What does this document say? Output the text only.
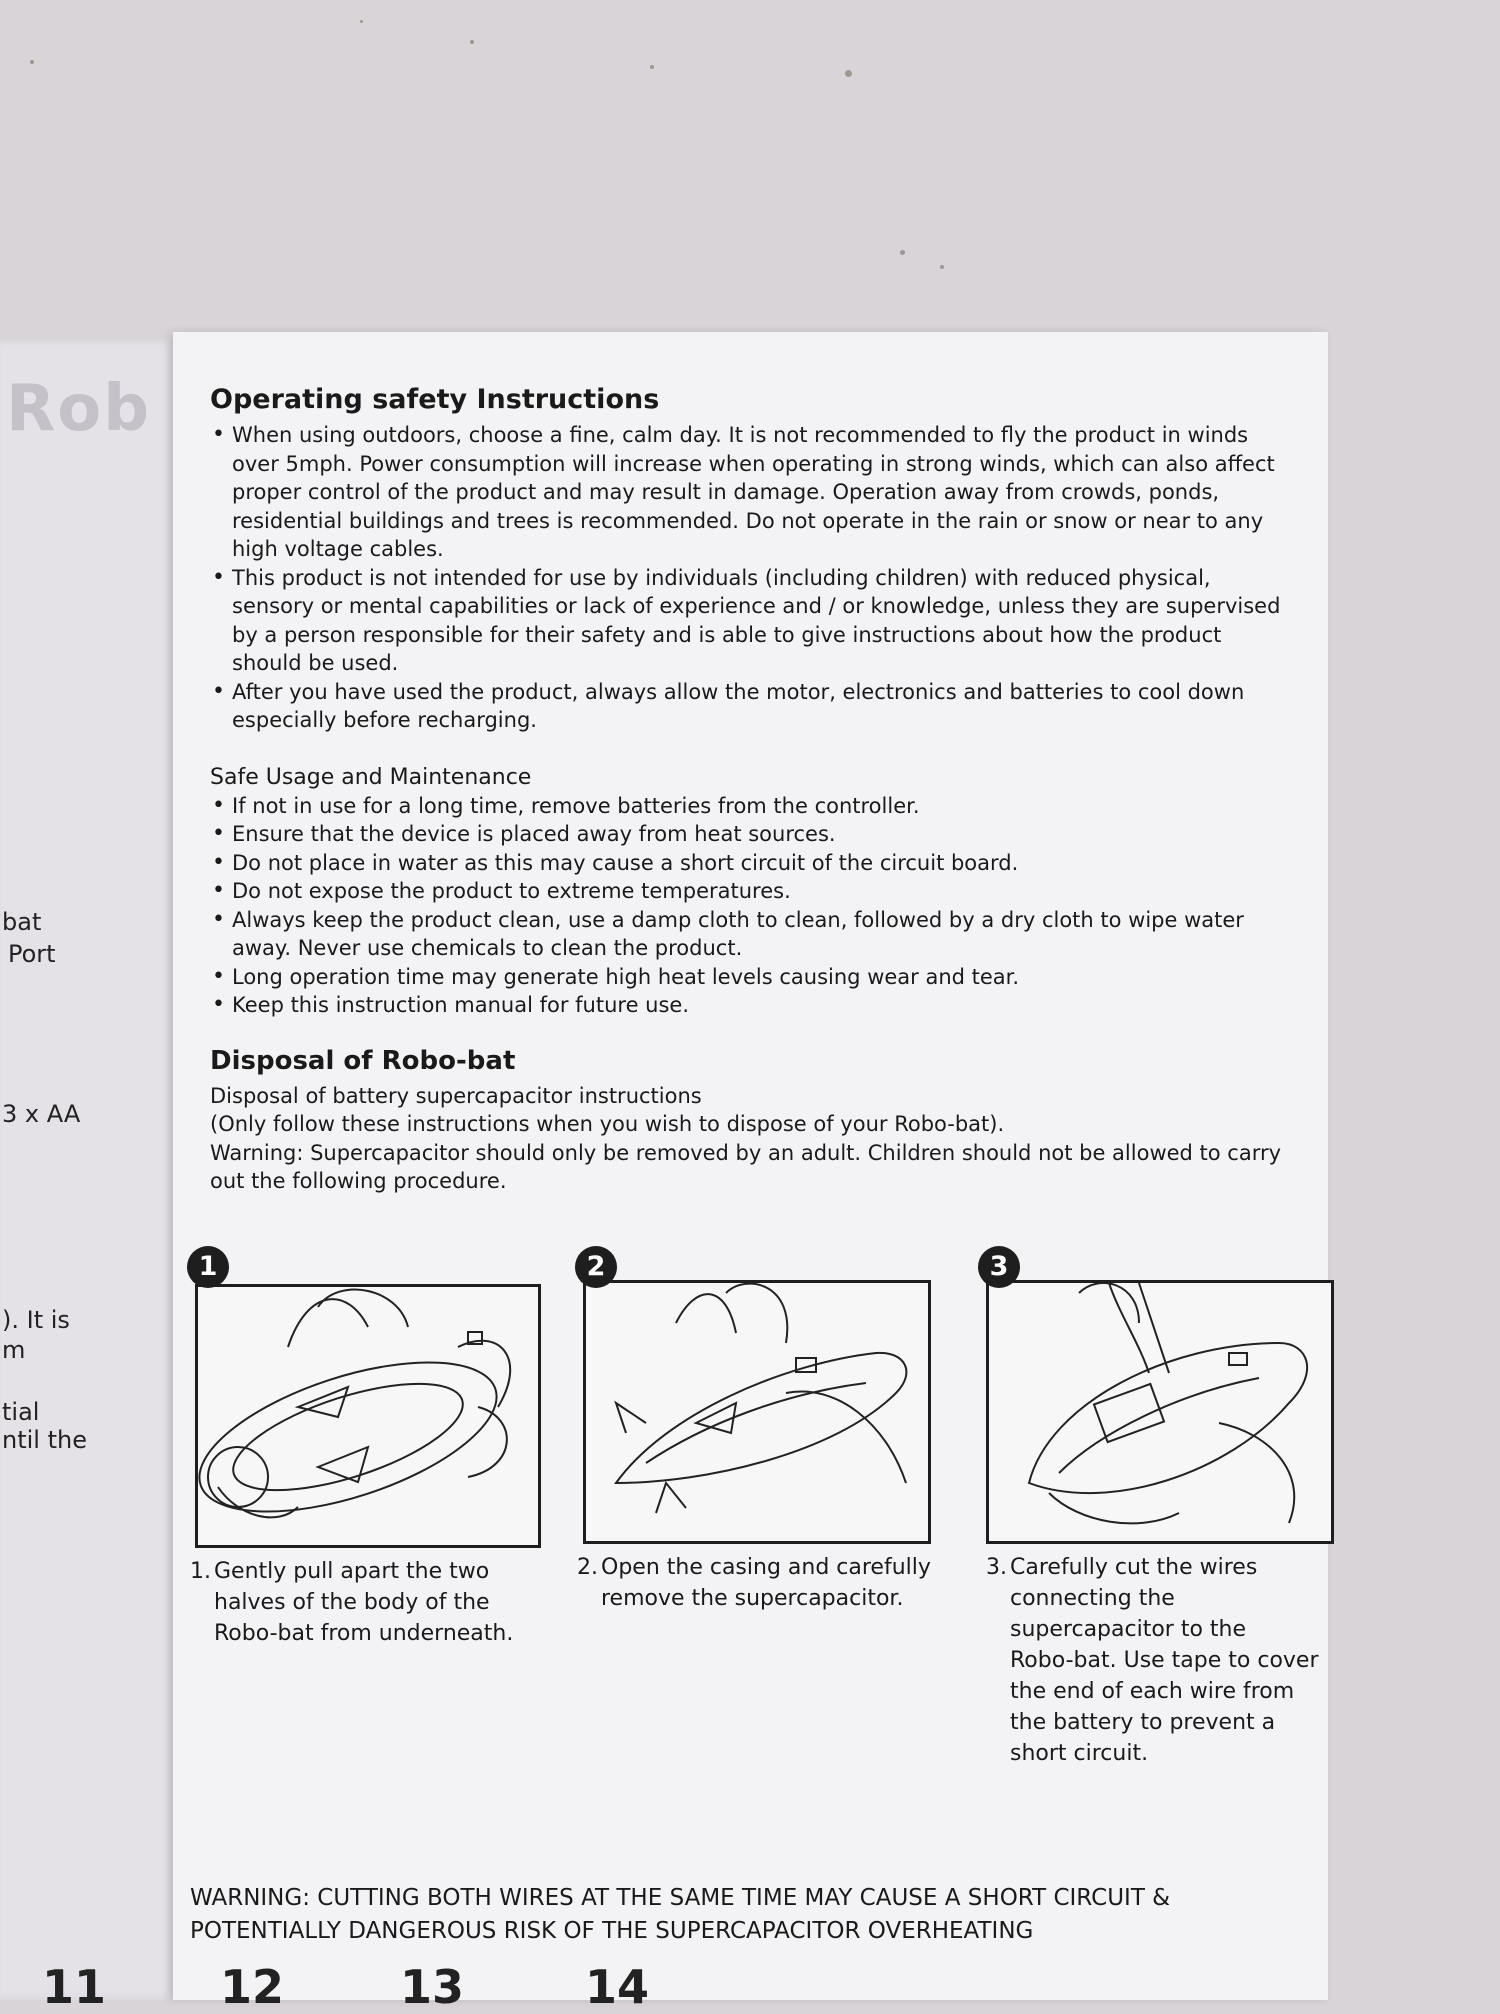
Rob
bat
Port
3 x AA
). It is
m
tial
ntil the
Operating safety Instructions
• When using outdoors, choose a fine, calm day. It is not recommended to fly the product in winds
over 5mph. Power consumption will increase when operating in strong winds, which can also affect
proper control of the product and may result in damage. Operation away from crowds, ponds,
residential buildings and trees is recommended. Do not operate in the rain or snow or near to any
high voltage cables.
• This product is not intended for use by individuals (including children) with reduced physical,
sensory or mental capabilities or lack of experience and / or knowledge, unless they are supervised
by a person responsible for their safety and is able to give instructions about how the product
should be used.
• After you have used the product, always allow the motor, electronics and batteries to cool down
especially before recharging.

Safe Usage and Maintenance

• If not in use for a long time, remove batteries from the controller.
• Ensure that the device is placed away from heat sources.
• Do not place in water as this may cause a short circuit of the circuit board.
• Do not expose the product to extreme temperatures.
• Always keep the product clean, use a damp cloth to clean, followed by a dry cloth to wipe water
away. Never use chemicals to clean the product.
• Long operation time may generate high heat levels causing wear and tear.
• Keep this instruction manual for future use.
Disposal of Robo-bat

Disposal of battery supercapacitor instructions

(Only follow these instructions when you wish to dispose of your Robo-bat).

Warning: Supercapacitor should only be removed by an adult. Children should not be allowed to carry

out the following procedure.

1
1. Gently pull apart the two
halves of the body of the
Robo-bat from underneath.
2
2. Open the casing and carefully
remove the supercapacitor.
3
3. Carefully cut the wires
connecting the
supercapacitor to the
Robo-bat. Use tape to cover
the end of each wire from
the battery to prevent a
short circuit.
WARNING: CUTTING BOTH WIRES AT THE SAME TIME MAY CAUSE A SHORT CIRCUIT &
POTENTIALLY DANGEROUS RISK OF THE SUPERCAPACITOR OVERHEATING
11 12	13	14
